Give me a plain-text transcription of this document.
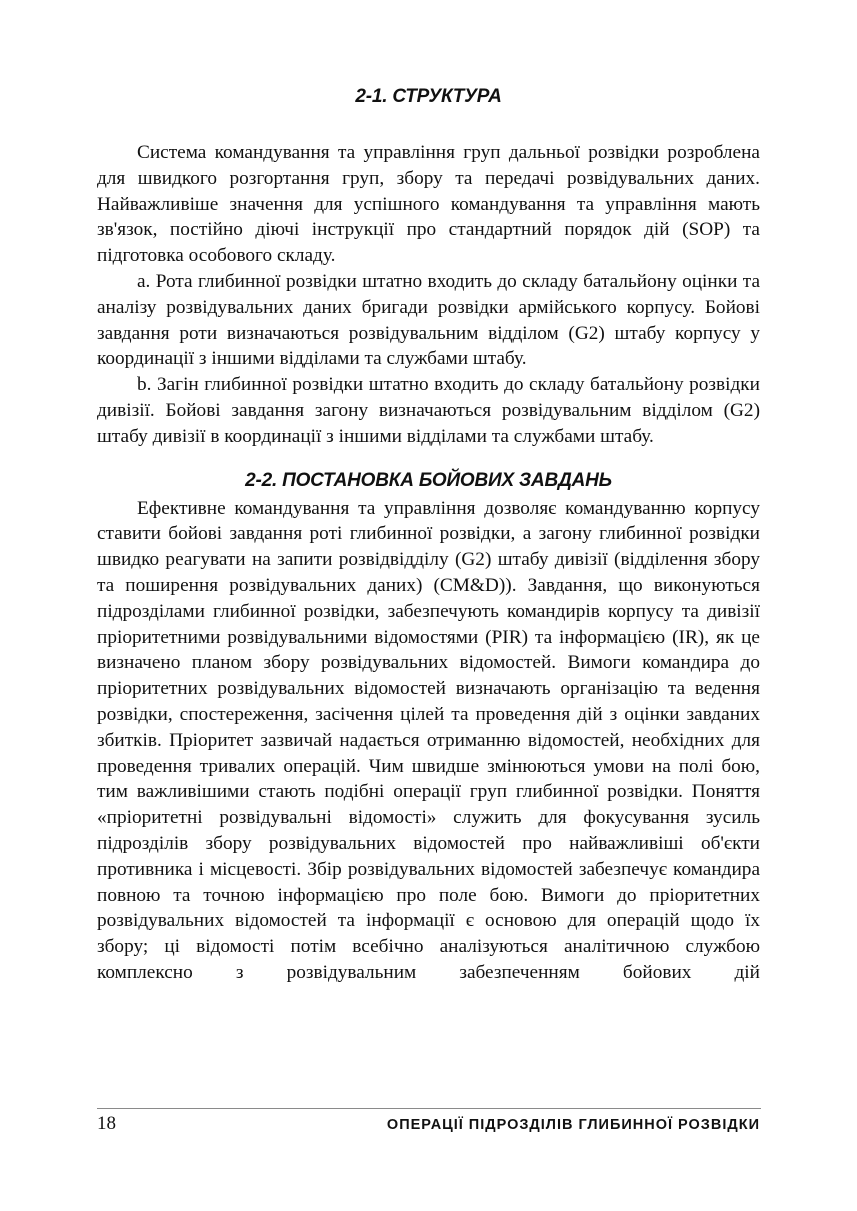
2-1. СТРУКТУРА

Система командування та управління груп дальньої розвідки розроблена для швидкого розгортання груп, збору та передачі розвідувальних даних. Найважливіше значення для успішного командування та управління мають зв'язок, постійно діючі інструкції про стандартний порядок дій (SOP) та підготовка особового складу.

a. Рота глибинної розвідки штатно входить до складу батальйону оцінки та аналізу розвідувальних даних бригади розвідки армійського корпусу. Бойові завдання роти визначаються розвідувальним відділом (G2) штабу корпусу у координації з іншими відділами та службами штабу.

b. Загін глибинної розвідки штатно входить до складу батальйону розвідки дивізії. Бойові завдання загону визначаються розвідувальним відділом (G2) штабу дивізії в координації з іншими відділами та службами штабу.

2-2. ПОСТАНОВКА БОЙОВИХ ЗАВДАНЬ

Ефективне командування та управління дозволяє командуванню корпусу ставити бойові завдання роті глибинної розвідки, а загону глибинної розвідки швидко реагувати на запити розвідвідділу (G2) штабу дивізії (відділення збору та поширення розвідувальних даних) (CM&D)). Завдання, що виконуються підрозділами глибинної розвідки, забезпечують командирів корпусу та дивізії пріоритетними розвідувальними відомостями (PIR) та інформацією (IR), як це визначено планом збору розвідувальних відомостей. Вимоги командира до пріоритетних розвідувальних відомостей визначають організацію та ведення розвідки, спостереження, засічення цілей та проведення дій з оцінки завданих збитків. Пріоритет зазвичай надається отриманню відомостей, необхідних для проведення тривалих операцій. Чим швидше змінюються умови на полі бою, тим важливішими стають подібні операції груп глибинної розвідки. Поняття «пріоритетні розвідувальні відомості» служить для фокусування зусиль підрозділів збору розвідувальних відомостей про найважливіші об'єкти противника і місцевості. Збір розвідувальних відомостей забезпечує командира повною та точною інформацією про поле бою. Вимоги до пріоритетних розвідувальних відомостей та інформації є основою для операцій щодо їх збору; ці відомості потім всебічно аналізуються аналітичною службою комплексно з розвідувальним забезпеченням бойових дій

18	ОПЕРАЦІЇ ПІДРОЗДІЛІВ ГЛИБИННОЇ РОЗВІДКИ
